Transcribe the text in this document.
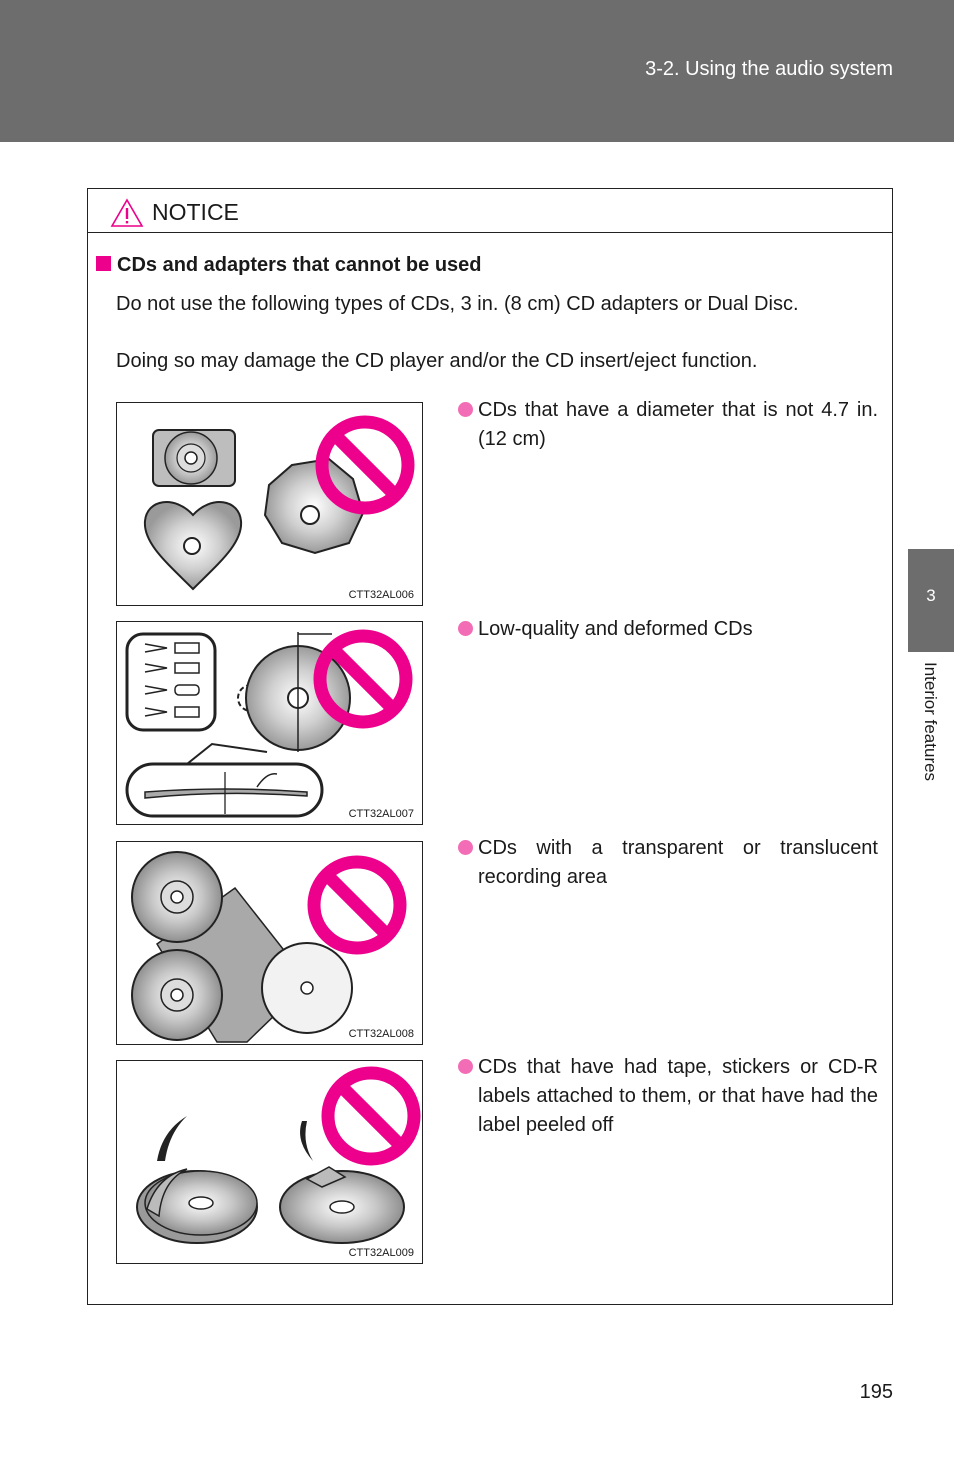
3-2. Using the audio system
3
Interior features
NOTICE
CDs and adapters that cannot be used
Do not use the following types of CDs, 3 in. (8 cm) CD adapters or Dual Disc.
Doing so may damage the CD player and/or the CD insert/eject function.
CTT32AL006
CTT32AL007
CTT32AL008
CTT32AL009
CDs that have a diameter that is not 4.7 in. (12 cm)
Low-quality and deformed CDs
CDs with a transparent or translucent recording area
CDs that have had tape, stickers or CD-R labels attached to them, or that have had the label peeled off
195
